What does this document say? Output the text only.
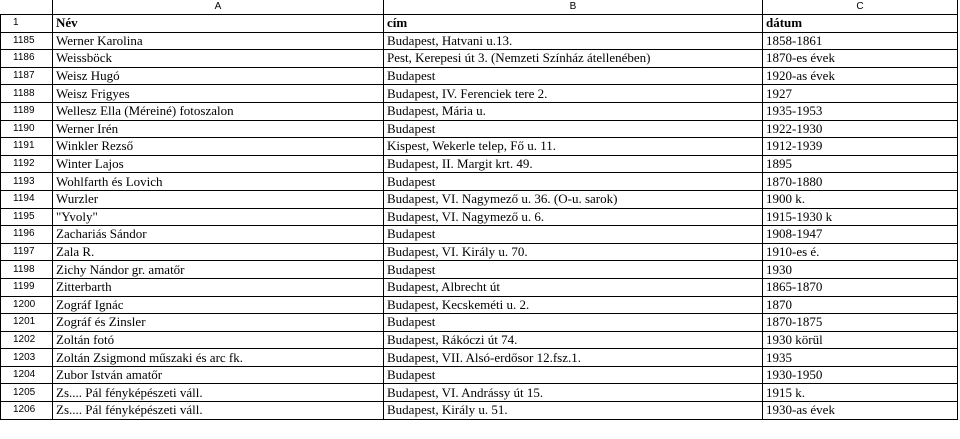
	A	B	C
1	Név	cím	dátum
1185	Werner Karolina	Budapest, Hatvani u.13.	1858-1861
1186	Weissböck	Pest, Kerepesi út 3. (Nemzeti Színház átellenében)	1870-es évek
1187	Weisz Hugó	Budapest	1920-as évek
1188	Weisz Frigyes	Budapest, IV. Ferenciek tere 2.	1927
1189	Wellesz Ella (Méreiné) fotoszalon	Budapest, Mária u.	1935-1953
1190	Werner Irén	Budapest	1922-1930
1191	Winkler Rezső	Kispest, Wekerle telep, Fő u. 11.	1912-1939
1192	Winter Lajos	Budapest, II. Margit krt. 49.	1895
1193	Wohlfarth és Lovich	Budapest	1870-1880
1194	Wurzler	Budapest, VI. Nagymező u. 36. (O-u. sarok)	1900 k.
1195	"Yvoly"	Budapest, VI. Nagymező u. 6.	1915-1930 k
1196	Zachariás Sándor	Budapest	1908-1947
1197	Zala R.	Budapest, VI. Király u. 70.	1910-es é.
1198	Zichy Nándor gr. amatőr	Budapest	1930
1199	Zitterbarth	Budapest, Albrecht út	1865-1870
1200	Zográf Ignác	Budapest, Kecskeméti u. 2.	1870
1201	Zográf és Zinsler	Budapest	1870-1875
1202	Zoltán fotó	Budapest, Rákóczi út 74.	1930 körül
1203	Zoltán Zsigmond műszaki és arc fk.	Budapest, VII. Alsó-erdősor 12.fsz.1.	1935
1204	Zubor István amatőr	Budapest	1930-1950
1205	Zs.... Pál fényképészeti váll.	Budapest, VI. Andrássy út 15.	1915 k.
1206	Zs.... Pál fényképészeti váll.	Budapest, Király u. 51.	1930-as évek
